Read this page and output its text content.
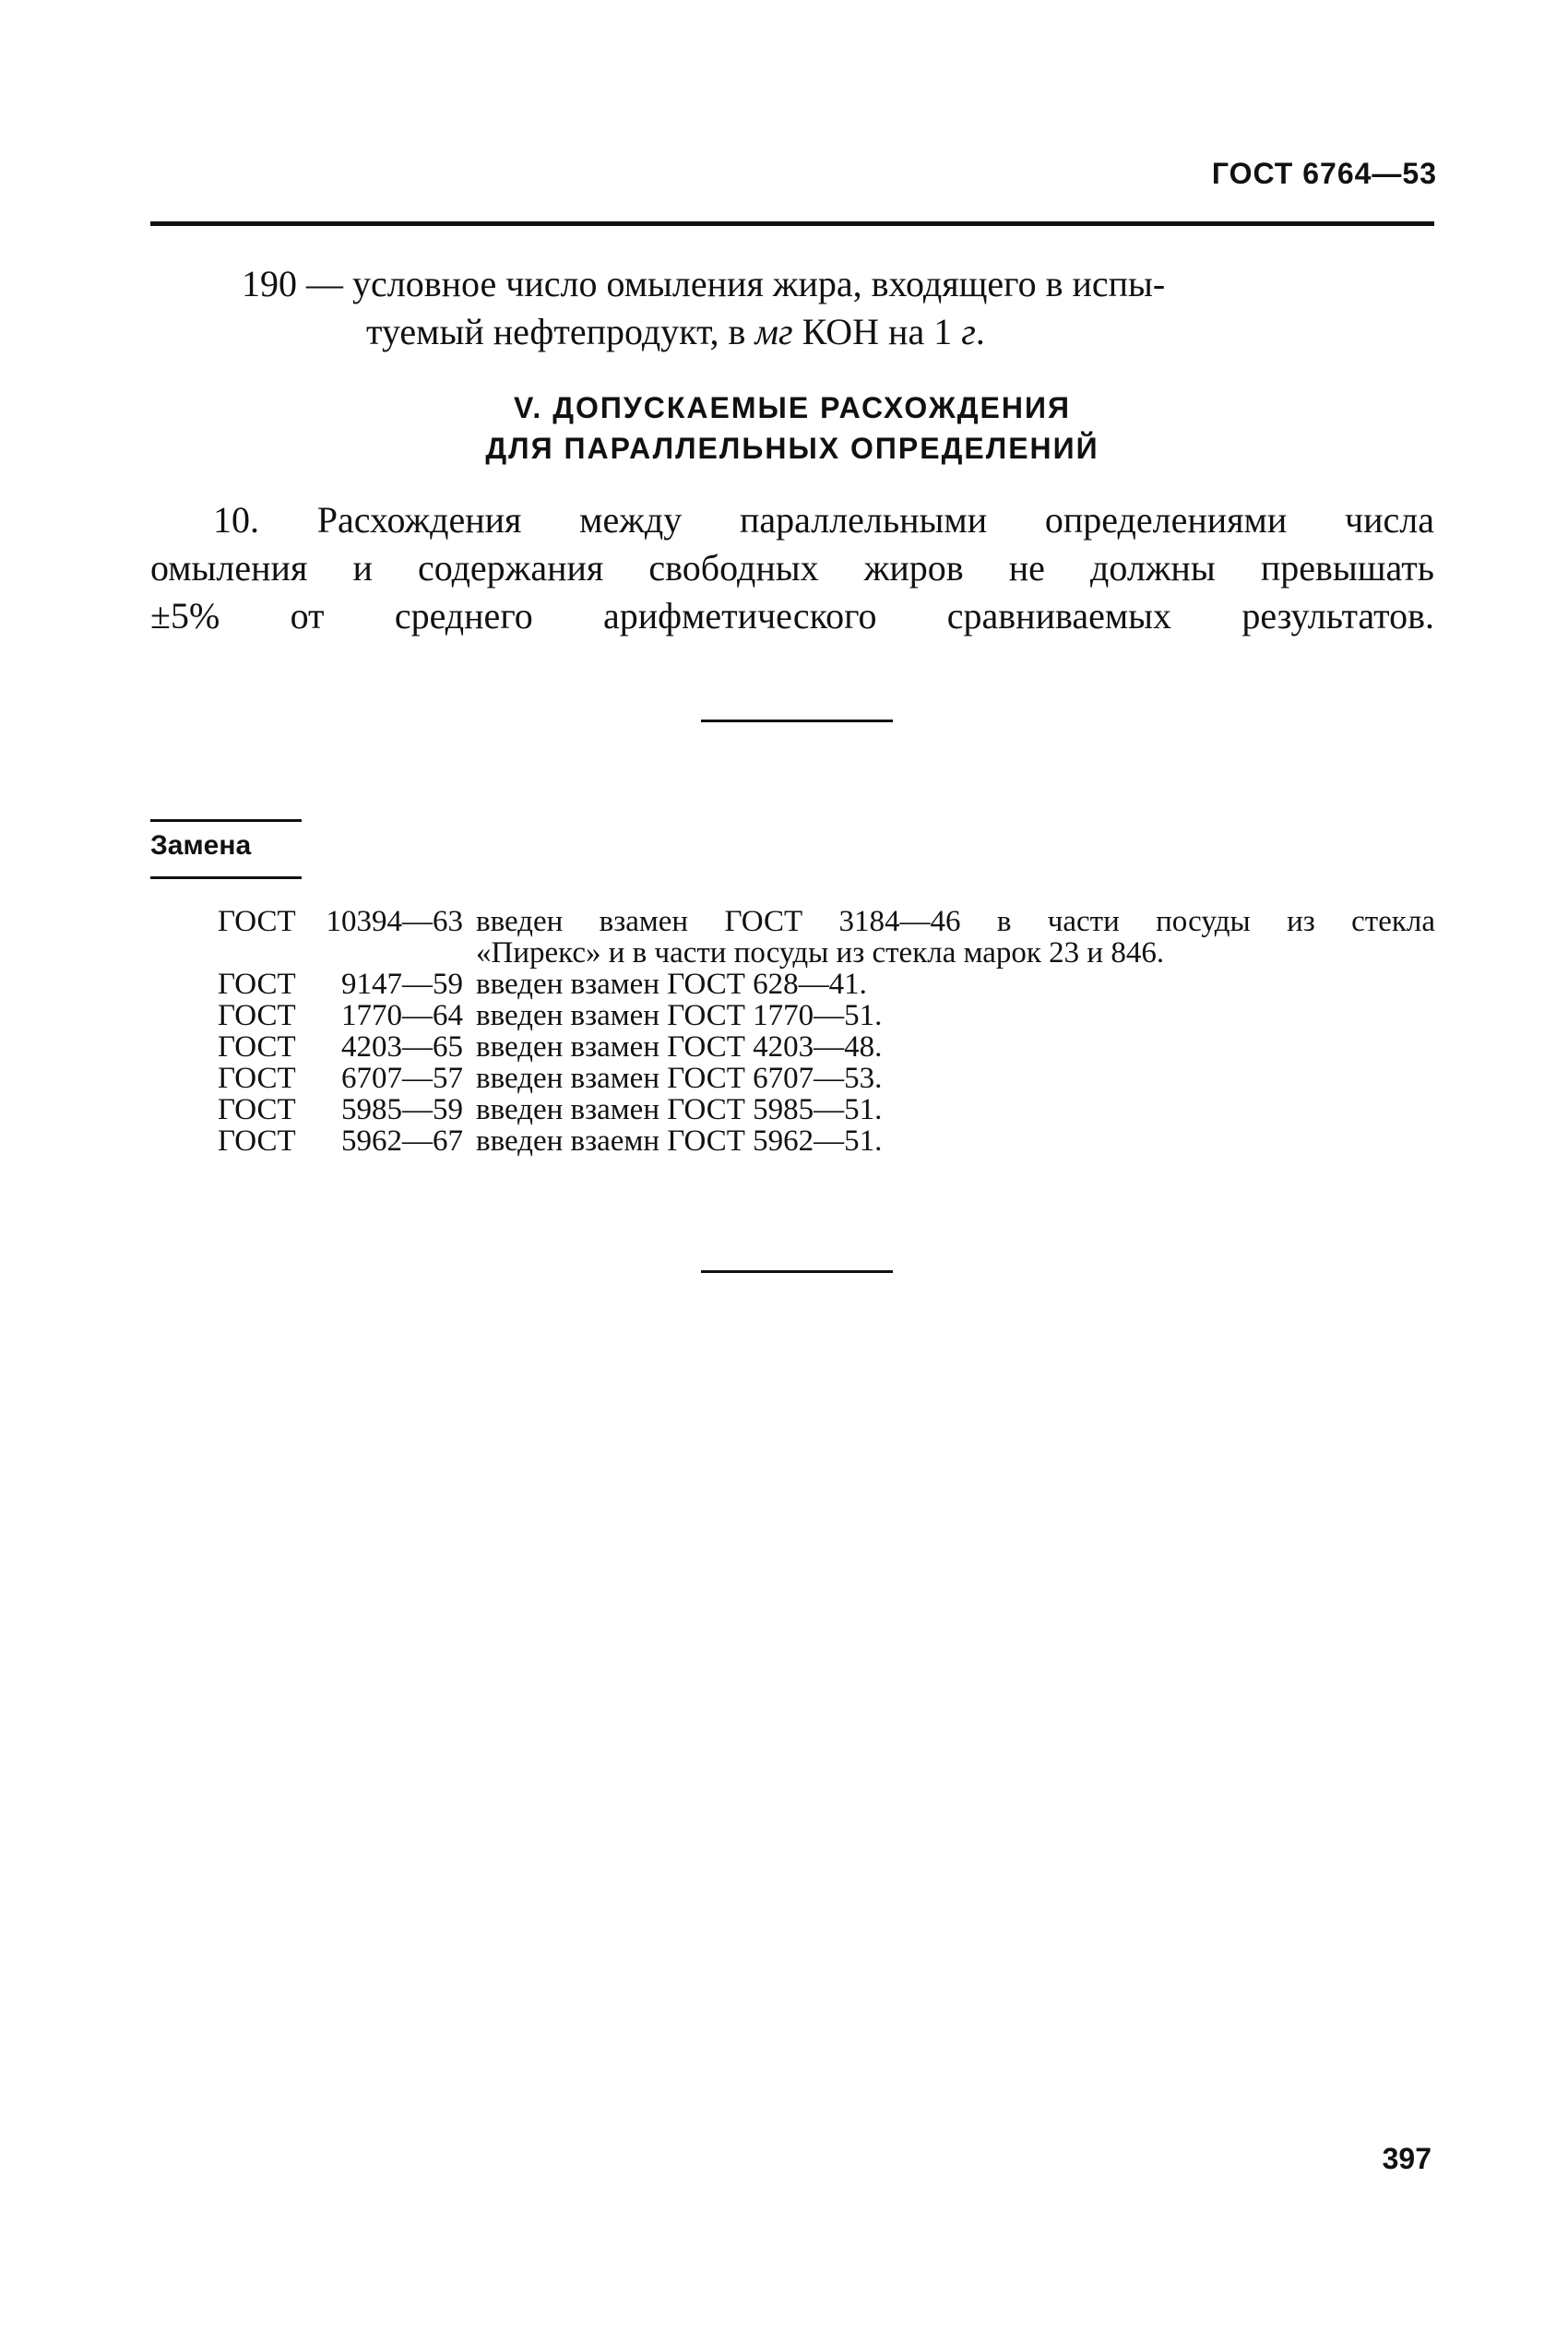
ГОСТ 6764—53
190 — условное число омыления жира, входящего в испы-
туемый нефтепродукт, в мг КОН на 1 г.
V. ДОПУСКАЕМЫЕ РАСХОЖДЕНИЯ
ДЛЯ ПАРАЛЛЕЛЬНЫХ ОПРЕДЕЛЕНИЙ
10. Расхождения между параллельными определениями числа
омыления и содержания свободных жиров не должны превышать
±5% от среднего арифметического сравниваемых результатов.
Замена
ГОСТ 10394—63 введен взамен ГОСТ 3184—46 в части посуды из стекла
«Пирекс» и в части посуды из стекла марок 23 и 846.
ГОСТ	9147—59 введен взамен ГОСТ 628—41.
ГОСТ	1770—64 введен взамен ГОСТ 1770—51.
ГОСТ	4203—65 введен взамен ГОСТ 4203—48.
ГОСТ	6707—57 введен взамен ГОСТ 6707—53.
ГОСТ	5985—59 введен взамен ГОСТ 5985—51.
ГОСТ	5962—67 введен взаемн ГОСТ 5962—51.
397
